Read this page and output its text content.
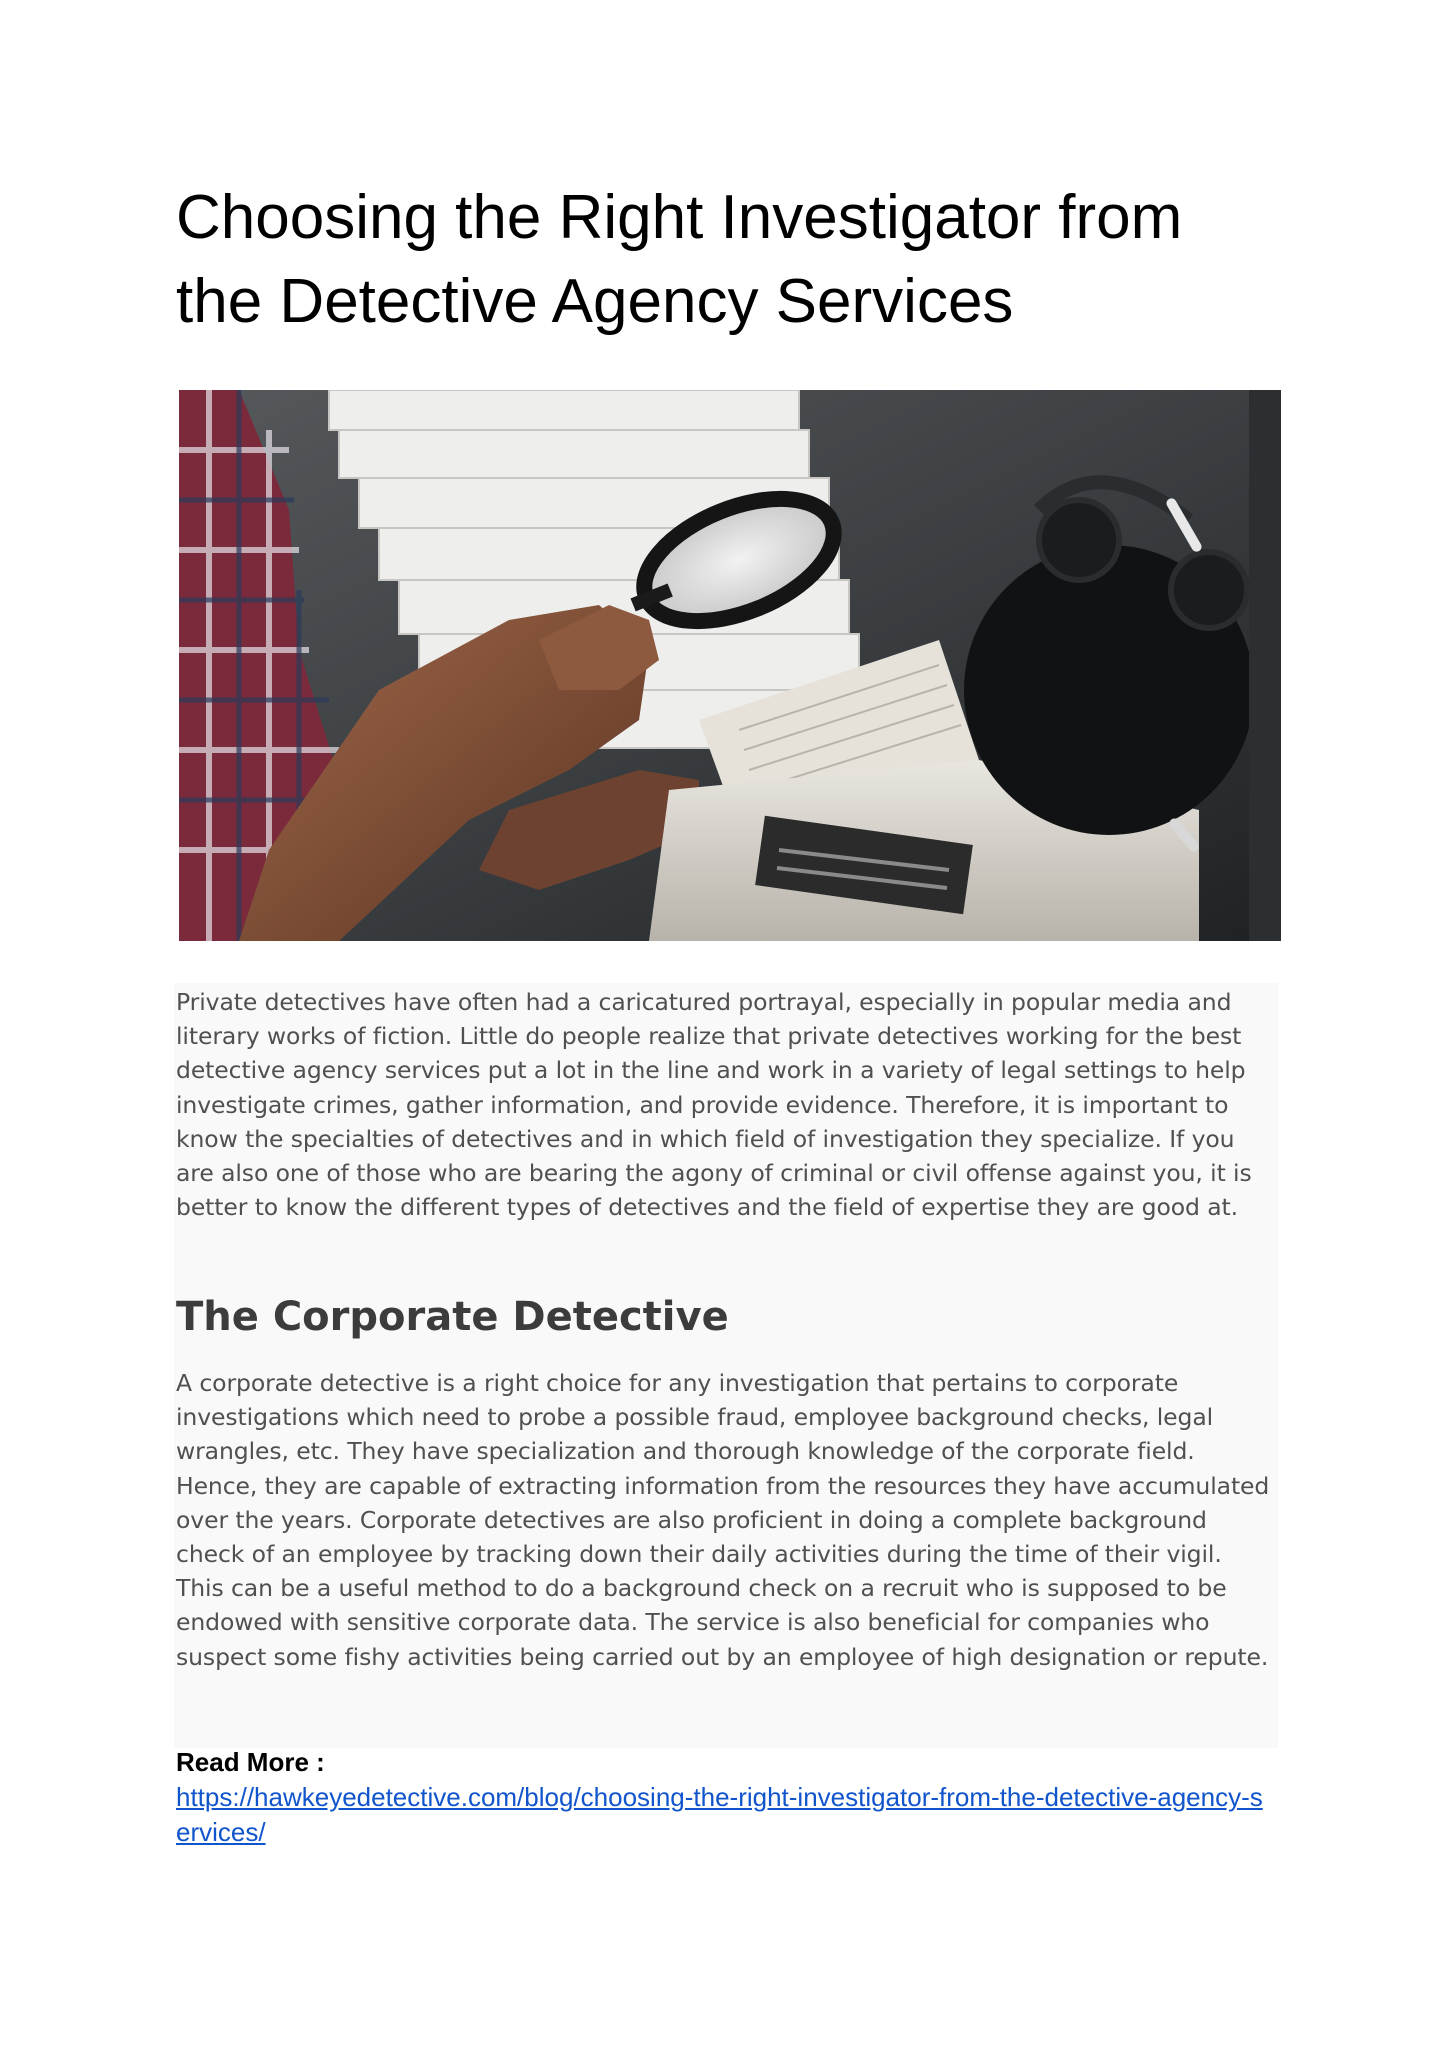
Choosing the Right Investigator from the Detective Agency Services

Private detectives have often had a caricatured portrayal, especially in popular media and literary works of fiction. Little do people realize that private detectives working for the best detective agency services put a lot in the line and work in a variety of legal settings to help investigate crimes, gather information, and provide evidence. Therefore, it is important to know the specialties of detectives and in which field of investigation they specialize. If you are also one of those who are bearing the agony of criminal or civil offense against you, it is better to know the different types of detectives and the field of expertise they are good at.

The Corporate Detective

A corporate detective is a right choice for any investigation that pertains to corporate investigations which need to probe a possible fraud, employee background checks, legal wrangles, etc. They have specialization and thorough knowledge of the corporate field. Hence, they are capable of extracting information from the resources they have accumulated over the years. Corporate detectives are also proficient in doing a complete background check of an employee by tracking down their daily activities during the time of their vigil. This can be a useful method to do a background check on a recruit who is supposed to be endowed with sensitive corporate data. The service is also beneficial for companies who suspect some fishy activities being carried out by an employee of high designation or repute.

Read More :
https://hawkeyedetective.com/blog/choosing-the-right-investigator-from-the-detective-agency-services/
